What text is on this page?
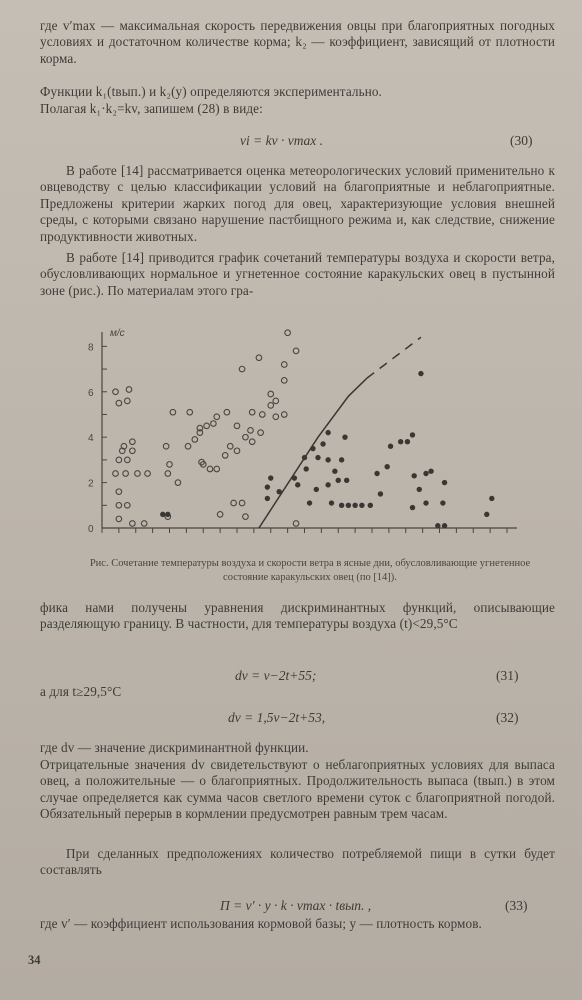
где v′max — максимальная скорость передвижения овцы при благоприятных погодных условиях и достаточном количестве корма; k₂ — коэффициент, зависящий от плотности корма.

Функции k₁(tвып.) и k₂(y) определяются экспериментально.

Полагая k₁·k₂=kv, запишем (28) в виде:

vi = kv · vmax .	(30)

В работе [14] рассматривается оценка метеорологических условий применительно к овцеводству с целью классификации условий на благоприятные и неблагоприятные. Предложены критерии жарких погод для овец, характеризующие условия внешней среды, с которыми связано нарушение пастбищного режима и, как следствие, снижение продуктивности животных.

В работе [14] приводится график сочетаний температуры воздуха и скорости ветра, обусловливающих нормальное и угнетенное состояние каракульских овец в пустынной зоне (рис.). По материалам этого гра-

0
2
4
6
8
м/с
Рис. Сочетание температуры воздуха и скорости ветра в ясные дни, обусловливающие угнетенное состояние каракульских овец (по [14]).

фика нами получены уравнения дискриминантных функций, описывающие разделяющую границу. В частности, для температуры воздуха (t)<29,5°С

dv = v−2t+55;	(31)

а для t≥29,5°С

dv = 1,5v−2t+53,	(32)

где dv — значение дискриминантной функции.

Отрицательные значения dv свидетельствуют о неблагоприятных условиях для выпаса овец, а положительные — о благоприятных. Продолжительность выпаса (tвып.) в этом случае определяется как сумма часов светлого времени суток с благоприятной погодой. Обязательный перерыв в кормлении предусмотрен равным трем часам.

При сделанных предположениях количество потребляемой пищи в сутки будет составлять

П = v′ · y · k · vmax · tвып. ,	(33)

где v′ — коэффициент использования кормовой базы; y — плотность кормов.

34
